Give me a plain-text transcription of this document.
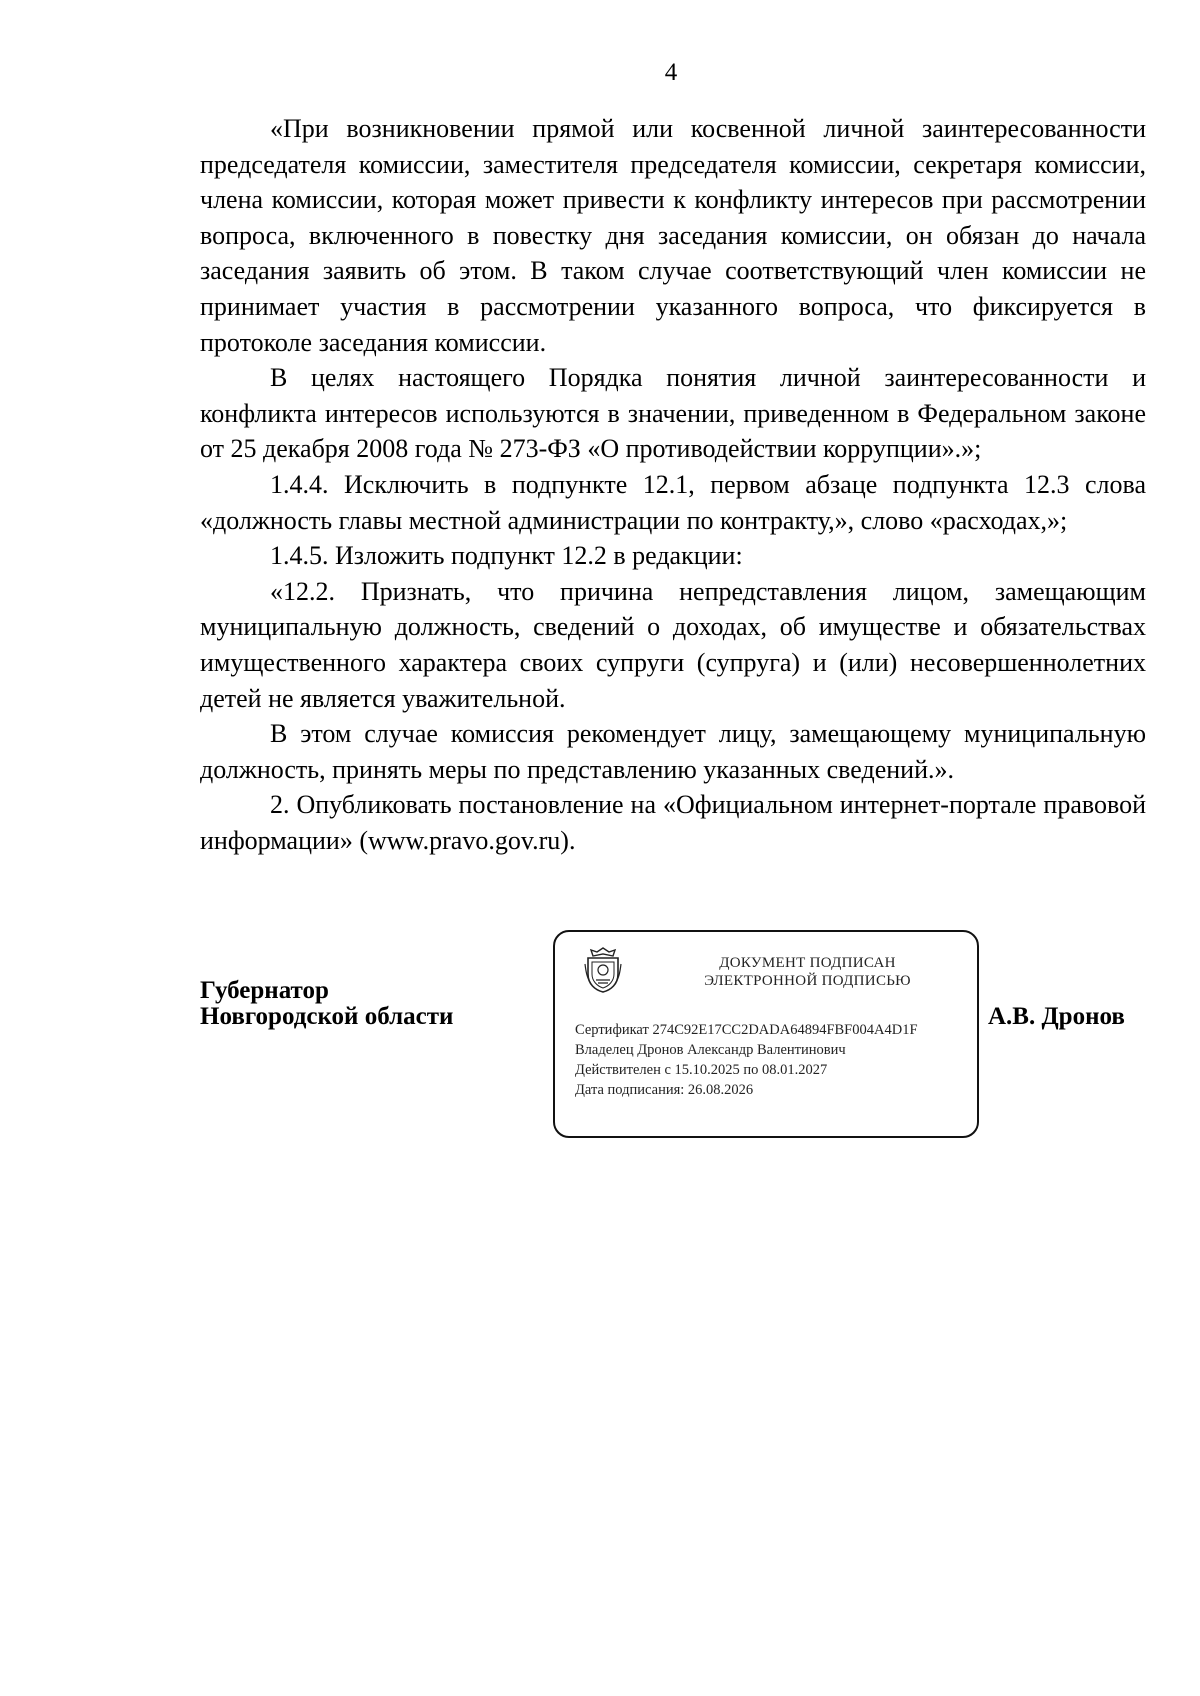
4

«При возникновении прямой или косвенной личной заинтересованности председателя комиссии, заместителя председателя комиссии, секретаря комиссии, члена комиссии, которая может привести к конфликту интересов при рассмотрении вопроса, включенного в повестку дня заседания комиссии, он обязан до начала заседания заявить об этом. В таком случае соответствующий член комиссии не принимает участия в рассмотрении указанного вопроса, что фиксируется в протоколе заседания комиссии.

В целях настоящего Порядка понятия личной заинтересованности и конфликта интересов используются в значении, приведенном в Федеральном законе от 25 декабря 2008 года № 273-ФЗ «О противодействии коррупции».»;

1.4.4. Исключить в подпункте 12.1, первом абзаце подпункта 12.3 слова «должность главы местной администрации по контракту,», слово «расходах,»;

1.4.5. Изложить подпункт 12.2 в редакции:

«12.2. Признать, что причина непредставления лицом, замещающим муниципальную должность, сведений о доходах, об имуществе и обязательствах имущественного характера своих супруги (супруга) и (или) несовершеннолетних детей не является уважительной.

В этом случае комиссия рекомендует лицу, замещающему муниципальную должность, принять меры по представлению указанных сведений.».

2. Опубликовать постановление на «Официальном интернет-портале правовой информации» (www.pravo.gov.ru).

Губернатор
Новгородской области
ДОКУМЕНТ ПОДПИСАН
ЭЛЕКТРОННОЙ ПОДПИСЬЮ
Сертификат 274C92E17CC2DADA64894FBF004A4D1F
Владелец Дронов Александр Валентинович
Действителен с 15.10.2025 по 08.01.2027
Дата подписания: 26.08.2026
А.В. Дронов
